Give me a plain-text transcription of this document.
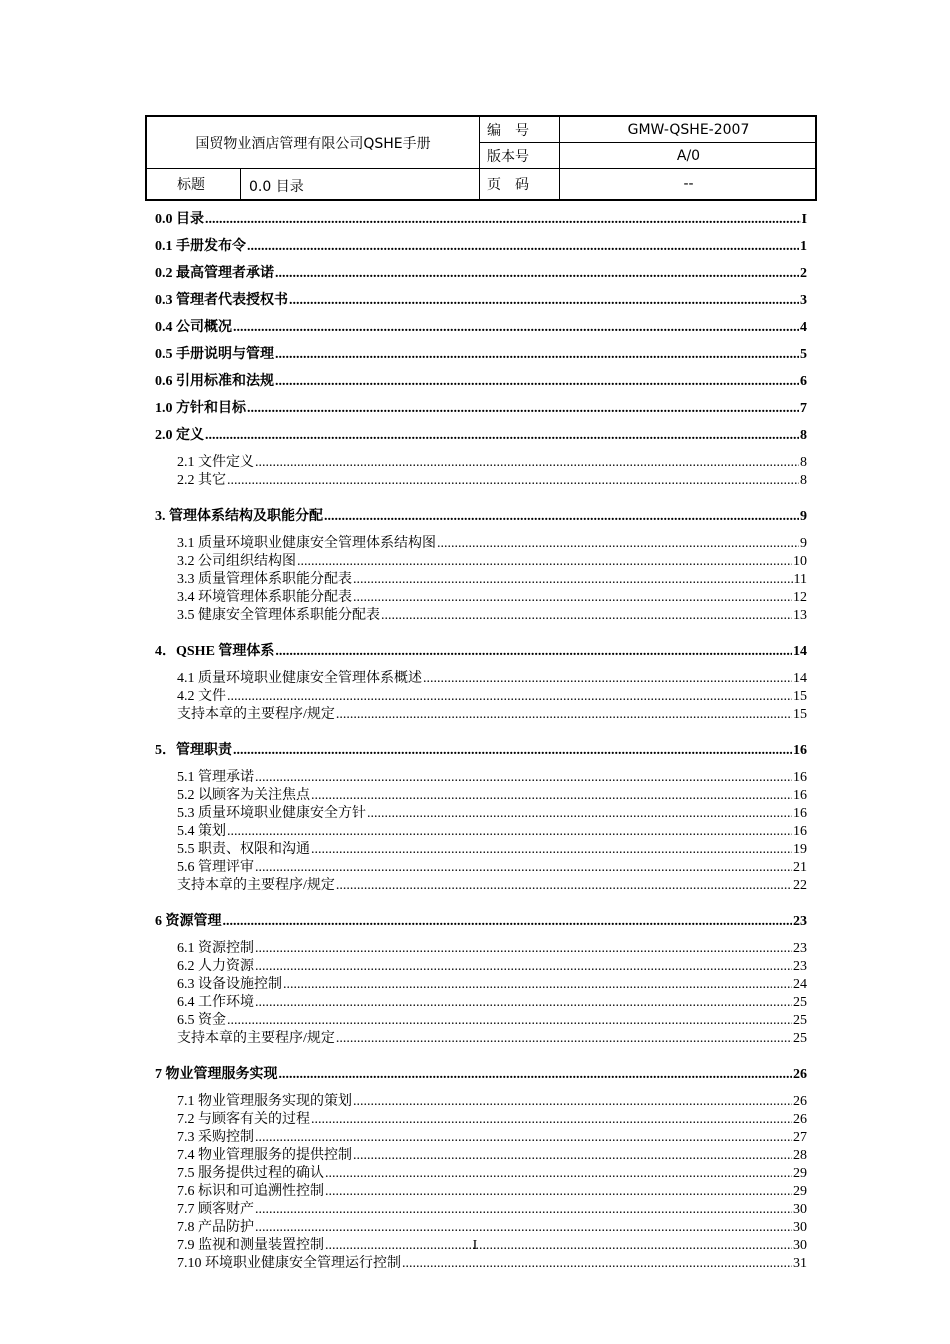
国贸物业酒店管理有限公司QSHE手册
编　号	GMW-QSHE-2007
版本号	A/0
标题	0.0 目录	页　码	--
0.0 目录 .....	I
0.1 手册发布令 .....	1
0.2 最高管理者承诺 .....	2
0.3 管理者代表授权书 .....	3
0.4 公司概况 .....	4
0.5 手册说明与管理 .....	5
0.6 引用标准和法规 .....	6
1.0 方针和目标 .....	7
2.0 定义 .....	8
2.1 文件定义 .....	8
2.2 其它 .....	8
3. 管理体系结构及职能分配 .....	9
3.1 质量环境职业健康安全管理体系结构图 .....	9
3.2 公司组织结构图 .....	10
3.3 质量管理体系职能分配表 .....	11
3.4 环境管理体系职能分配表 .....	12
3.5 健康安全管理体系职能分配表 .....	13
4．QSHE 管理体系 .....	14
4.1 质量环境职业健康安全管理体系概述 .....	14
4.2 文件 .....	15
支持本章的主要程序/规定 .....	15
5．管理职责 .....	16
5.1 管理承诺 .....	16
5.2 以顾客为关注焦点 .....	16
5.3 质量环境职业健康安全方针 .....	16
5.4 策划 .....	16
5.5 职责、权限和沟通 .....	19
5.6 管理评审 .....	21
支持本章的主要程序/规定 .....	22
6 资源管理 .....	23
6.1 资源控制 .....	23
6.2 人力资源 .....	23
6.3 设备设施控制 .....	24
6.4 工作环境 .....	25
6.5 资金 .....	25
支持本章的主要程序/规定 .....	25
7 物业管理服务实现 .....	26
7.1 物业管理服务实现的策划 .....	26
7.2 与顾客有关的过程 .....	26
7.3 采购控制 .....	27
7.4 物业管理服务的提供控制 .....	28
7.5 服务提供过程的确认 .....	29
7.6 标识和可追溯性控制 .....	29
7.7 顾客财产 .....	30
7.8 产品防护 .....	30
7.9 监视和测量装置控制 .....	30
7.10 环境职业健康安全管理运行控制 .....	31
I
